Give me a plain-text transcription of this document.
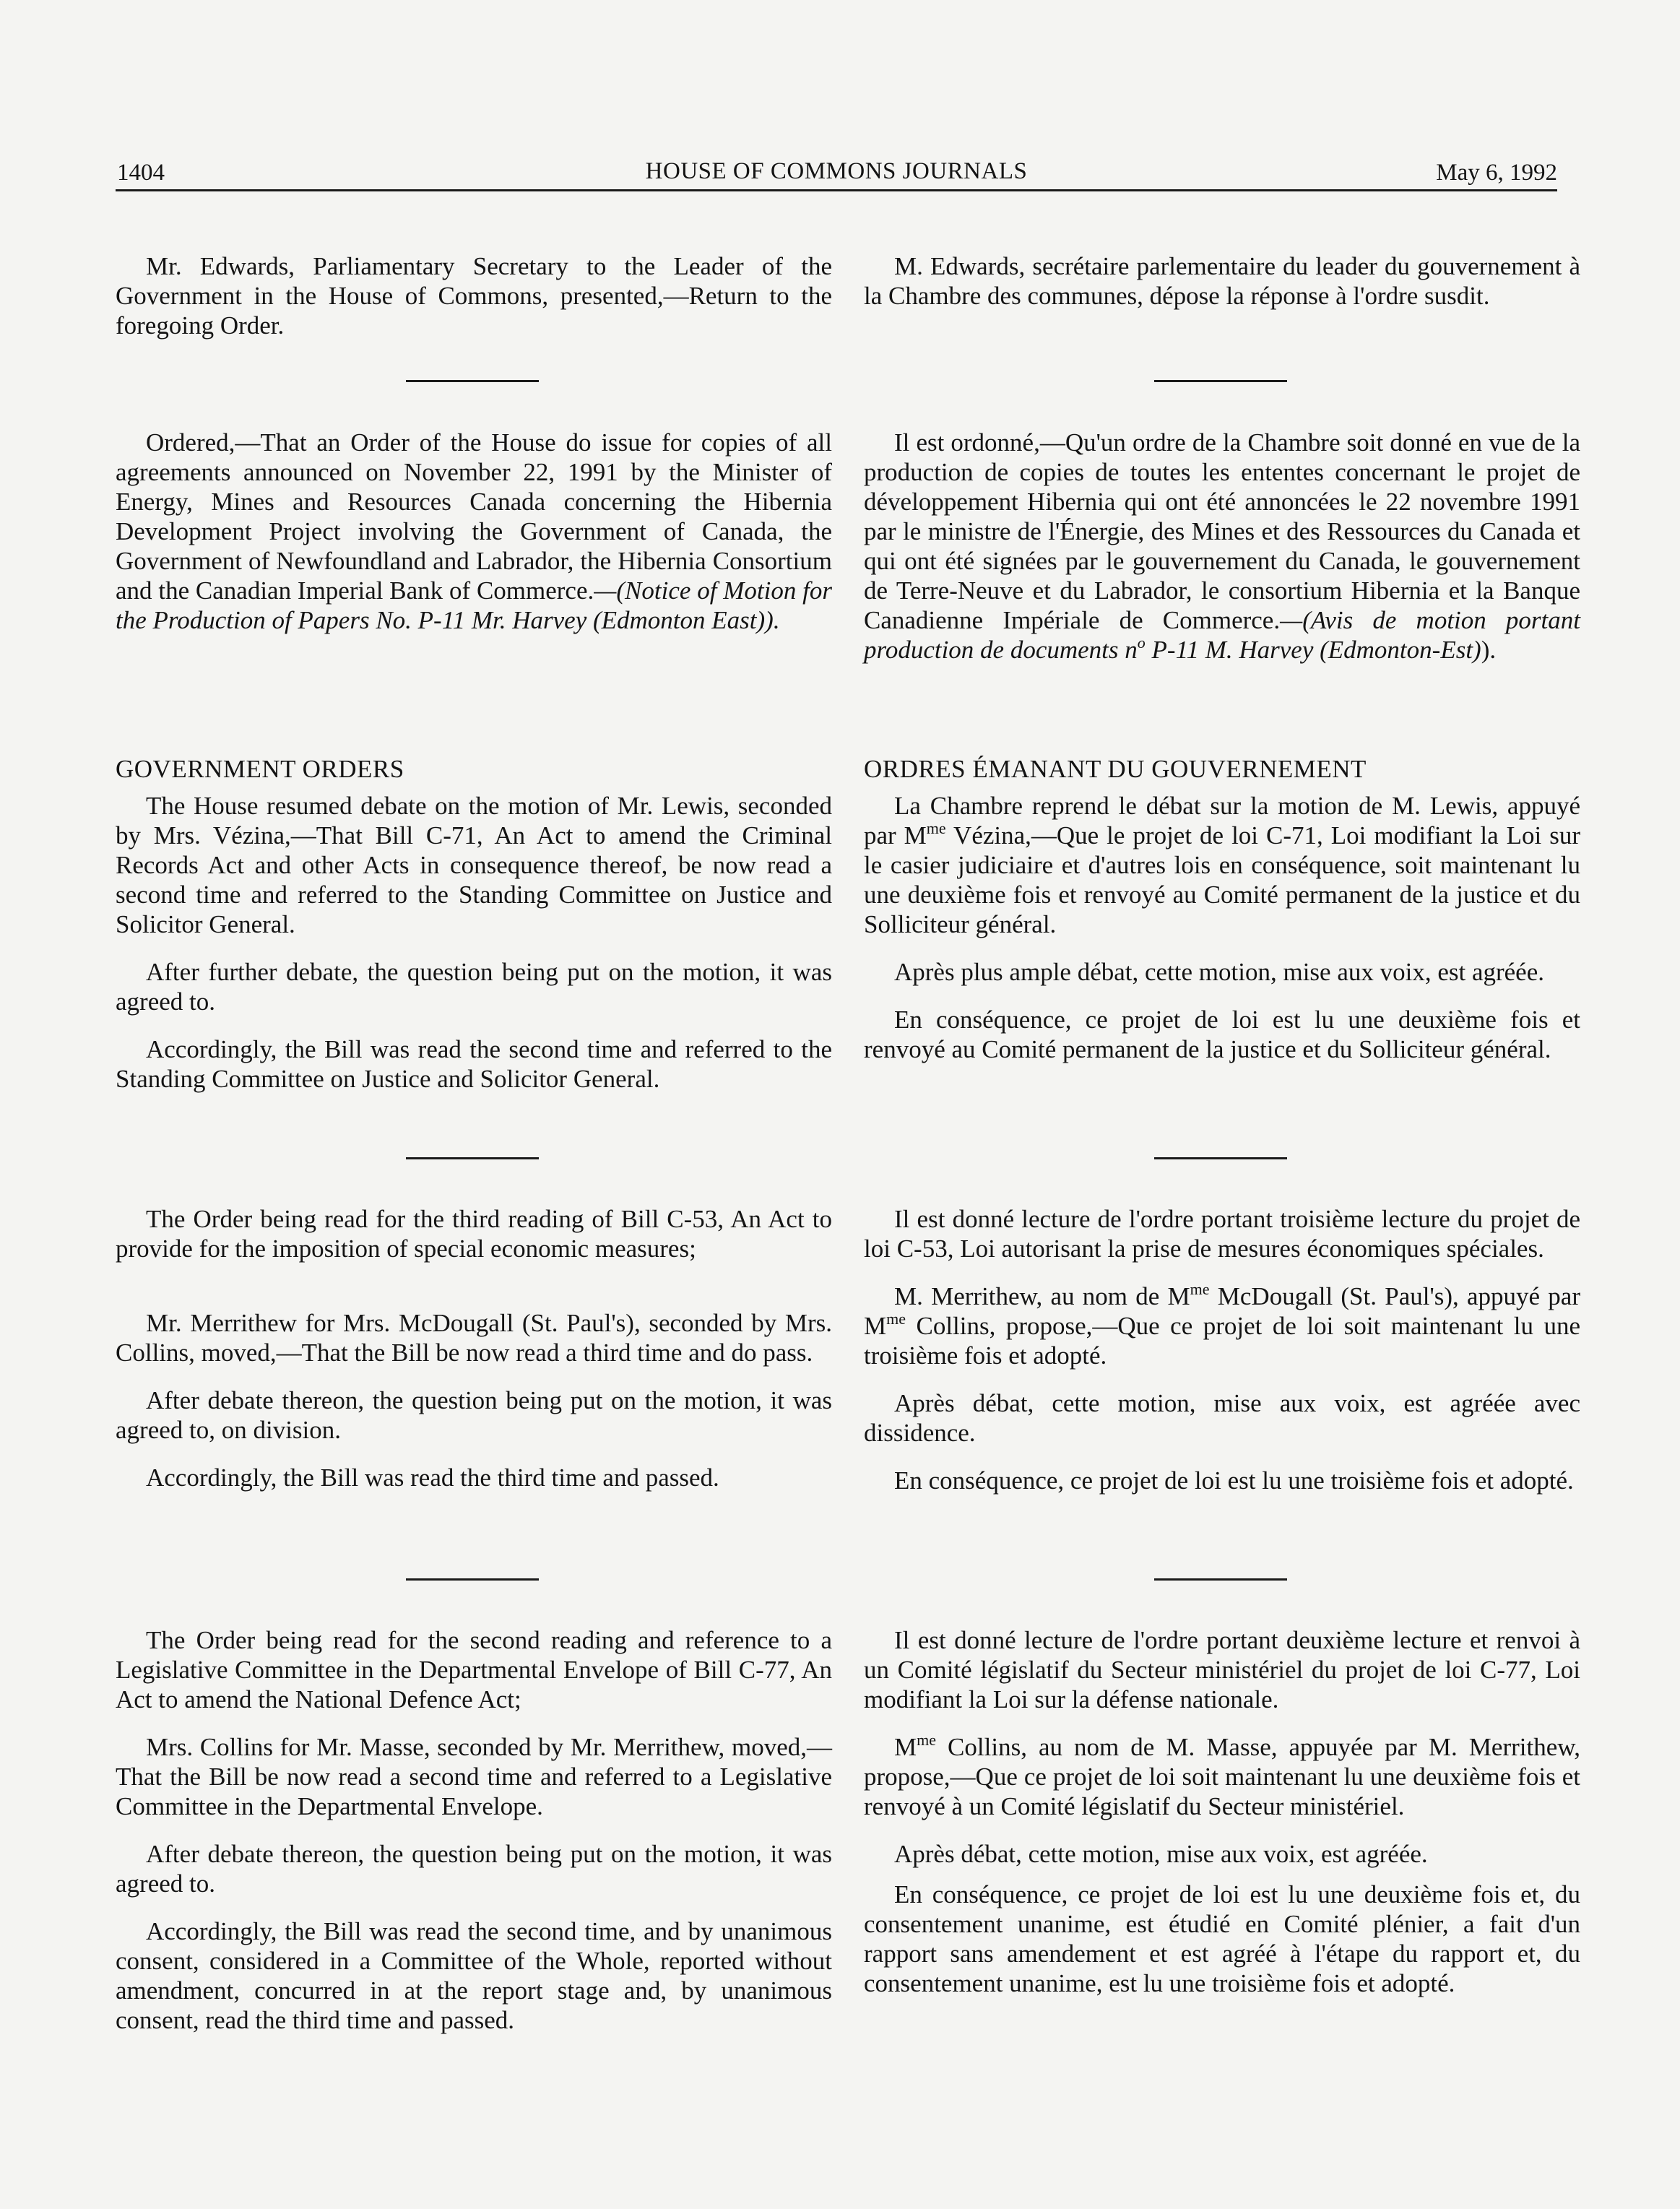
1404	HOUSE OF COMMONS JOURNALS	May 6, 1992

Mr. Edwards, Parliamentary Secretary to the Leader of the Government in the House of Commons, presented,—Return to the foregoing Order.

Ordered,—That an Order of the House do issue for copies of all agreements announced on November 22, 1991 by the Minister of Energy, Mines and Resources Canada concerning the Hibernia Development Project involving the Government of Canada, the Government of Newfoundland and Labrador, the Hibernia Consortium and the Canadian Imperial Bank of Commerce.—(Notice of Motion for the Production of Papers No. P-11 Mr. Harvey (Edmonton East)).

GOVERNMENT ORDERS

The House resumed debate on the motion of Mr. Lewis, seconded by Mrs. Vézina,—That Bill C-71, An Act to amend the Criminal Records Act and other Acts in consequence thereof, be now read a second time and referred to the Standing Committee on Justice and Solicitor General.

After further debate, the question being put on the motion, it was agreed to.

Accordingly, the Bill was read the second time and referred to the Standing Committee on Justice and Solicitor General.

The Order being read for the third reading of Bill C-53, An Act to provide for the imposition of special economic measures;

Mr. Merrithew for Mrs. McDougall (St. Paul's), seconded by Mrs. Collins, moved,—That the Bill be now read a third time and do pass.

After debate thereon, the question being put on the motion, it was agreed to, on division.

Accordingly, the Bill was read the third time and passed.

The Order being read for the second reading and reference to a Legislative Committee in the Departmental Envelope of Bill C-77, An Act to amend the National Defence Act;

Mrs. Collins for Mr. Masse, seconded by Mr. Merrithew, moved,—That the Bill be now read a second time and referred to a Legislative Committee in the Departmental Envelope.

After debate thereon, the question being put on the motion, it was agreed to.

Accordingly, the Bill was read the second time, and by unanimous consent, considered in a Committee of the Whole, reported without amendment, concurred in at the report stage and, by unanimous consent, read the third time and passed.

M. Edwards, secrétaire parlementaire du leader du gouvernement à la Chambre des communes, dépose la réponse à l'ordre susdit.

Il est ordonné,—Qu'un ordre de la Chambre soit donné en vue de la production de copies de toutes les ententes concernant le projet de développement Hibernia qui ont été annoncées le 22 novembre 1991 par le ministre de l'Énergie, des Mines et des Ressources du Canada et qui ont été signées par le gouvernement du Canada, le gouvernement de Terre-Neuve et du Labrador, le consortium Hibernia et la Banque Canadienne Impériale de Commerce.—(Avis de motion portant production de documents $n^o$ P-11 M. Harvey (Edmonton-Est)).

ORDRES ÉMANANT DU GOUVERNEMENT

La Chambre reprend le débat sur la motion de M. Lewis, appuyé par $M^{me}$ Vézina,—Que le projet de loi C-71, Loi modifiant la Loi sur le casier judiciaire et d'autres lois en conséquence, soit maintenant lu une deuxième fois et renvoyé au Comité permanent de la justice et du Solliciteur général.

Après plus ample débat, cette motion, mise aux voix, est agréée.

En conséquence, ce projet de loi est lu une deuxième fois et renvoyé au Comité permanent de la justice et du Solliciteur général.

Il est donné lecture de l'ordre portant troisième lecture du projet de loi C-53, Loi autorisant la prise de mesures économiques spéciales.

M. Merrithew, au nom de $M^{me}$ McDougall (St. Paul's), appuyé par $M^{me}$ Collins, propose,—Que ce projet de loi soit maintenant lu une troisième fois et adopté.

Après débat, cette motion, mise aux voix, est agréée avec dissidence.

En conséquence, ce projet de loi est lu une troisième fois et adopté.

Il est donné lecture de l'ordre portant deuxième lecture et renvoi à un Comité législatif du Secteur ministériel du projet de loi C-77, Loi modifiant la Loi sur la défense nationale.

$M^{me}$ Collins, au nom de M. Masse, appuyée par M. Merrithew, propose,—Que ce projet de loi soit maintenant lu une deuxième fois et renvoyé à un Comité législatif du Secteur ministériel.

Après débat, cette motion, mise aux voix, est agréée.

En conséquence, ce projet de loi est lu une deuxième fois et, du consentement unanime, est étudié en Comité plénier, a fait d'un rapport sans amendement et est agréé à l'étape du rapport et, du consentement unanime, est lu une troisième fois et adopté.
